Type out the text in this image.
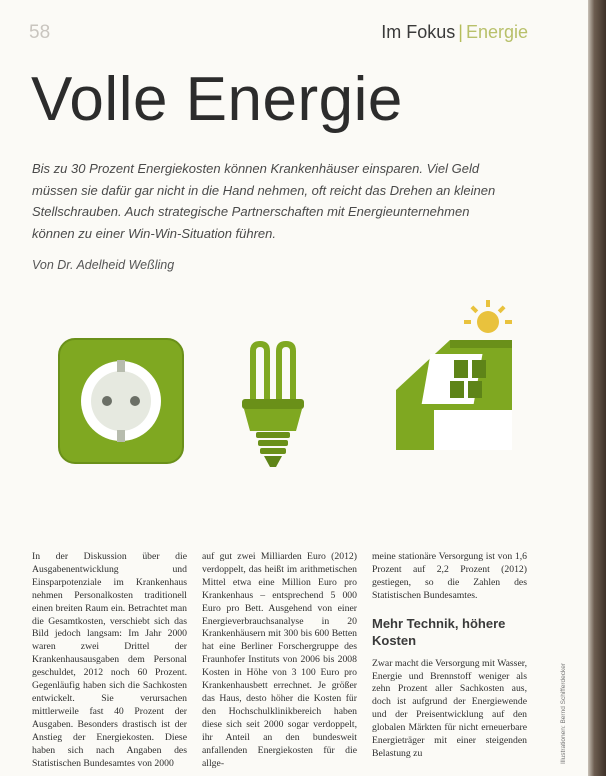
58	Im Fokus | Energie
Volle Energie

Bis zu 30 Prozent Energiekosten können Krankenhäuser einsparen. Viel Geld müssen sie dafür gar nicht in die Hand nehmen, oft reicht das Drehen an kleinen Stellschrauben. Auch strategische Partnerschaften mit Energieunternehmen können zu einer Win-Win-Situation führen.

Von Dr. Adelheid Weßling

In der Diskussion über die Ausgabenentwicklung und Einsparpotenziale im Krankenhaus nehmen Personalkosten traditionell einen breiten Raum ein. Betrachtet man die Gesamtkosten, verschiebt sich das Bild jedoch langsam: Im Jahr 2000 waren zwei Drittel der Krankenhausausgaben dem Personal geschuldet, 2012 noch 60 Prozent. Gegenläufig haben sich die Sachkosten entwickelt. Sie verursachen mittlerweile fast 40 Prozent der Ausgaben. Besonders drastisch ist der Anstieg der Energiekosten. Diese haben sich nach Angaben des Statistischen Bundesamtes von 2000

auf gut zwei Milliarden Euro (2012) verdoppelt, das heißt im arithmetischen Mittel etwa eine Million Euro pro Krankenhaus – entsprechend 5 000 Euro pro Bett. Ausgehend von einer Energieverbrauchsanalyse in 20 Krankenhäusern mit 300 bis 600 Betten hat eine Berliner Forschergruppe des Fraunhofer Instituts von 2006 bis 2008 Kosten in Höhe von 3 100 Euro pro Krankenhausbett errechnet. Je größer das Haus, desto höher die Kosten für den Hochschulklinikbereich haben diese sich seit 2000 sogar verdoppelt, ihr Anteil an den bundesweit anfallenden Energiekosten für die allge-

meine stationäre Versorgung ist von 1,6 Prozent auf 2,2 Prozent (2012) gestiegen, so die Zahlen des Statistischen Bundesamtes.

Mehr Technik, höhere Kosten

Zwar macht die Versorgung mit Wasser, Energie und Brennstoff weniger als zehn Prozent aller Sachkosten aus, doch ist aufgrund der Energiewende und der Preisentwicklung auf den globalen Märkten für nicht erneuerbare Energieträger mit einer steigenden Belastung zu	Illustrationen: Bernd Schifferdecker
